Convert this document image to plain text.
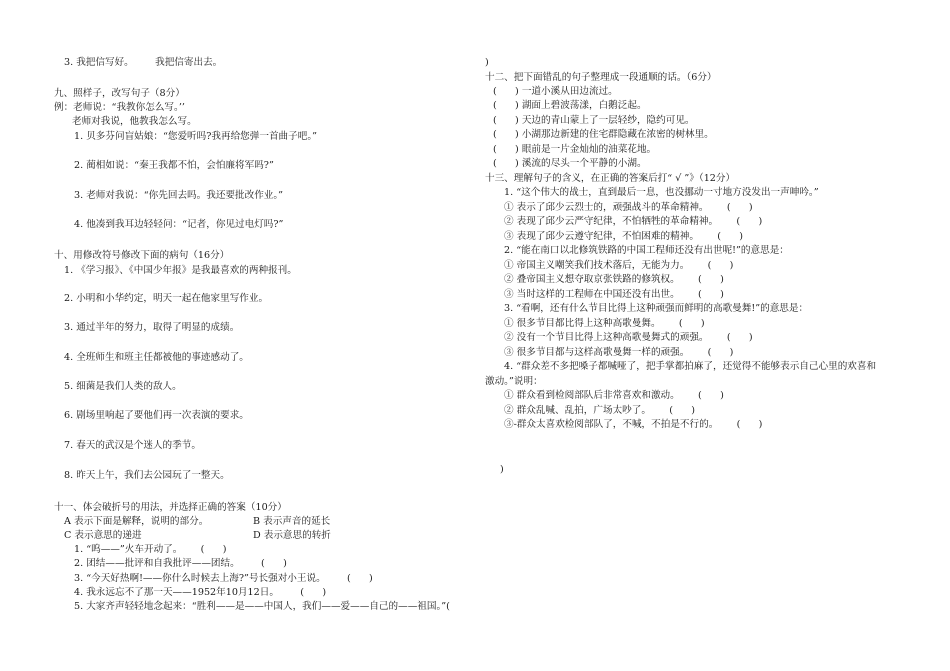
3. 我把信写好。       我把信寄出去。
九、照样子，改写句子（8分）
例：老师说：“我教你怎么写。’’
老师对我说，他教我怎么写。
1. 贝多芬问盲姑娘：“您爱听吗?我再给您弹一首曲子吧。”
2. 蔺相如说：“秦王我都不怕，会怕廉将军吗?”
3. 老师对我说：“你先回去吗。我还要批改作业。”
4. 他凑到我耳边轻轻问：“记者，你见过电灯吗?”
十、用修改符号修改下面的病句（16分）
1. 《学习报》、《中国少年报》是我最喜欢的两种报刊。
2. 小明和小华约定，明天一起在他家里写作业。
3. 通过半年的努力，取得了明显的成绩。
4. 全班师生和班主任都被他的事迹感动了。
5. 细菌是我们人类的敌人。
6. 剧场里响起了要他们再一次表演的要求。
7. 春天的武汉是个迷人的季节。
8. 昨天上午，我们去公园玩了一整天。
十一、体会破折号的用法，并选择正确的答案（10分）
A 表示下面是解释，说明的部分。	B 表示声音的延长
C 表示意思的递进	D 表示意思的转折
1. “呜——”火车开动了。      (      )
2. 团结——批评和自我批评——团结。       (      )
3. “今天好热啊!——你什么时候去上海?”号长强对小王说。       (      )
4. 我永远忘不了那一天——1952年10月12日。       (      )
5. 大家齐声轻轻地念起来：“胜利——是——中国人，我们——爱——自己的——祖国。”(
)
十二、把下面错乱的句子整理成一段通顺的话。（6分）
(      ) 一道小溪从田边流过。
(      ) 湖面上碧波荡漾，白鹅泛起。
(      ) 天边的青山蒙上了一层轻纱，隐约可见。
(      ) 小湖那边新建的住宅群隐藏在浓密的树林里。
(      ) 眼前是一片金灿灿的油菜花地。
(      ) 溪流的尽头一个平静的小湖。
十三、理解句子的含义，在正确的答案后打“ √ ”》（12分）
1. “这个伟大的战士，直到最后一息，也没挪动一寸地方没发出一声呻吟。”
① 表示了邱少云烈士的，顽强战斗的革命精神。      (      )
② 表现了邱少云严守纪律，不怕牺牲的革命精神。      (      )
③ 表现了邱少云遵守纪律，不怕困难的精神。      (      )
2. “能在南口以北修筑铁路的中国工程师还没有出世呢!”的意思是：
① 帝国主义嘲笑我们技术落后，无能为力。      (      )
② 叠帝国主义想夺取京张铁路的修筑权。      (      )
③ 当时这样的工程师在中国还没有出世。      (      )
3. “看啊，还有什么节目比得上这种顽强而鲜明的高歌曼舞!”的意思是：
① 很多节目都比得上这种高歌曼舞。      (      )
② 没有一个节目比得上这种高歌曼舞式的顽强。      (      )
③ 很多节目都与这样高歌曼舞一样的顽强。      (      )
4. “群众差不多把嗓子都喊哑了，把手掌都拍麻了，还觉得不能够表示自己心里的欢喜和
激动。”说明：
① 群众看到检阅部队后非常喜欢和激动。      (      )
② 群众乱喊、乱拍，广场太吵了。      (      )
③-群众太喜欢检阅部队了，不喊，不拍是不行的。      (      )
)
